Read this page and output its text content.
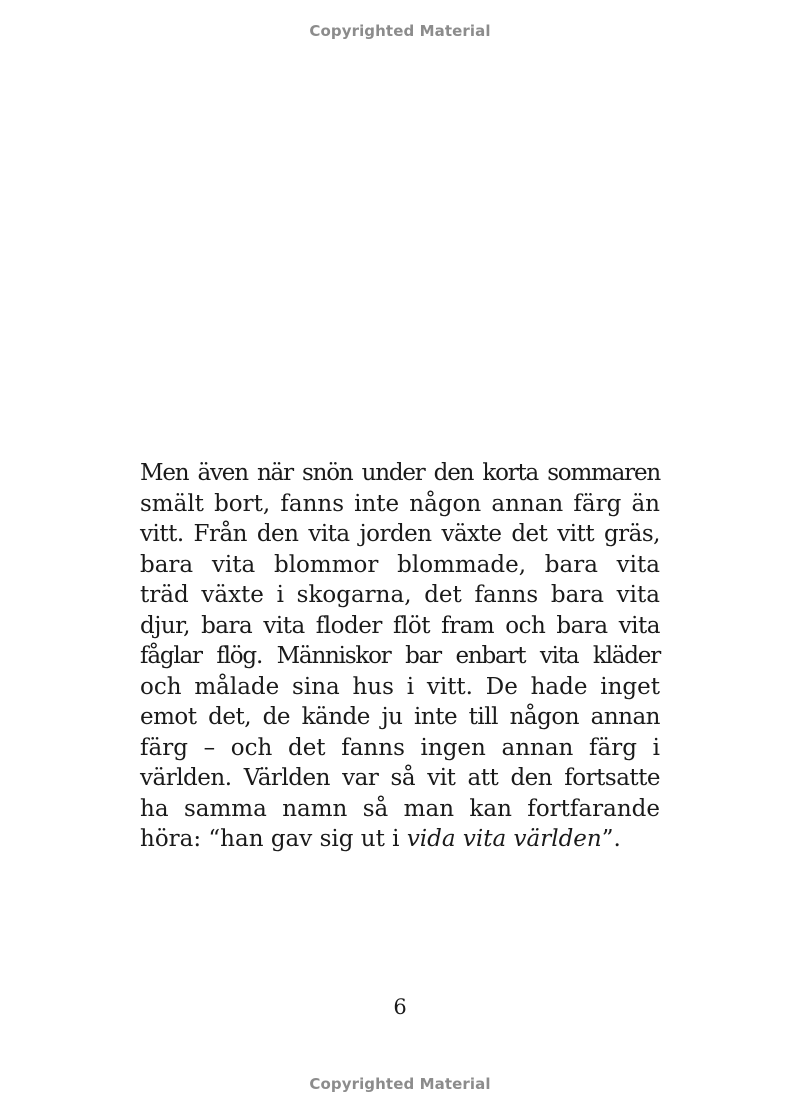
Copyrighted Material
Men även när snön under den korta sommaren
smält bort, fanns inte någon annan färg än
vitt. Från den vita jorden växte det vitt gräs,
bara vita blommor blommade, bara vita
träd växte i skogarna, det fanns bara vita
djur, bara vita floder flöt fram och bara vita
fåglar flög. Människor bar enbart vita kläder
och målade sina hus i vitt. De hade inget
emot det, de kände ju inte till någon annan
färg – och det fanns ingen annan färg i
världen. Världen var så vit att den fortsatte
ha samma namn så man kan fortfarande
höra: “han gav sig ut i vida vita världen”.
6
Copyrighted Material
